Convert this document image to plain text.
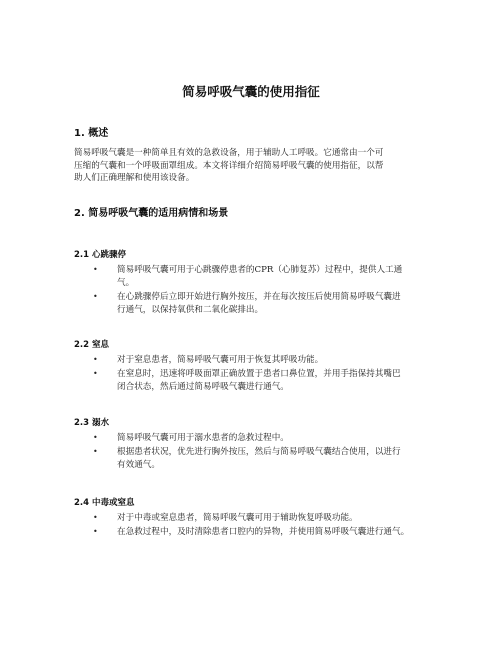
简易呼吸气囊的使用指征
1. 概述
简易呼吸气囊是一种简单且有效的急救设备，用于辅助人工呼吸。它通常由一个可
压缩的气囊和一个呼吸面罩组成。本文将详细介绍简易呼吸气囊的使用指征，以帮
助人们正确理解和使用该设备。
2. 简易呼吸气囊的适用病情和场景
2.1 心跳骤停
• 简易呼吸气囊可用于心跳骤停患者的CPR（心肺复苏）过程中，提供人工通
气。
• 在心跳骤停后立即开始进行胸外按压，并在每次按压后使用简易呼吸气囊进
行通气，以保持氧供和二氧化碳排出。
2.2 窒息
• 对于窒息患者，简易呼吸气囊可用于恢复其呼吸功能。
• 在窒息时，迅速将呼吸面罩正确放置于患者口鼻位置，并用手指保持其嘴巴
闭合状态，然后通过简易呼吸气囊进行通气。
2.3 溺水
• 简易呼吸气囊可用于溺水患者的急救过程中。
• 根据患者状况，优先进行胸外按压，然后与简易呼吸气囊结合使用，以进行
有效通气。
2.4 中毒或窒息
• 对于中毒或窒息患者，简易呼吸气囊可用于辅助恢复呼吸功能。
• 在急救过程中，及时清除患者口腔内的异物，并使用简易呼吸气囊进行通气。
